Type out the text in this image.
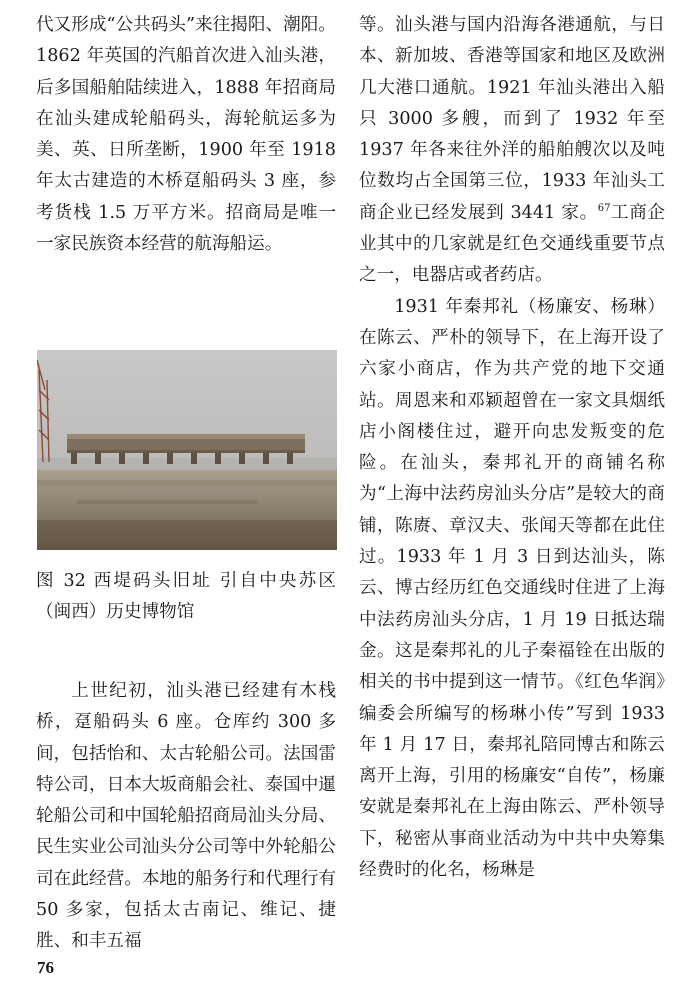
代又形成“公共码头”来往揭阳、潮阳。1862 年英国的汽船首次进入汕头港，后多国船舶陆续进入，1888 年招商局在汕头建成轮船码头，海轮航运多为美、英、日所垄断，1900 年至 1918 年太古建造的木桥趸船码头 3 座，参考货栈 1.5 万平方米。招商局是唯一一家民族资本经营的航海船运。

图 32 西堤码头旧址 引自中央苏区（闽西）历史博物馆

上世纪初，汕头港已经建有木栈桥，趸船码头 6 座。仓库约 300 多间，包括怡和、太古轮船公司。法国雷特公司，日本大坂商船会社、泰国中暹轮船公司和中国轮船招商局汕头分局、民生实业公司汕头分公司等中外轮船公司在此经营。本地的船务行和代理行有 50 多家，包括太古南记、维记、捷胜、和丰五福

等。汕头港与国内沿海各港通航，与日本、新加坡、香港等国家和地区及欧洲几大港口通航。1921 年汕头港出入船只 3000 多艘，而到了 1932 年至 1937 年各来往外洋的船舶艘次以及吨位数均占全国第三位，1933 年汕头工商企业已经发展到 3441 家。$^{67}$工商企业其中的几家就是红色交通线重要节点之一，电器店或者药店。

1931 年秦邦礼（杨廉安、杨琳）在陈云、严朴的领导下，在上海开设了六家小商店，作为共产党的地下交通站。周恩来和邓颖超曾在一家文具烟纸店小阁楼住过，避开向忠发叛变的危险。在汕头，秦邦礼开的商铺名称为“上海中法药房汕头分店”是较大的商铺，陈赓、章汉夫、张闻天等都在此住过。1933 年 1 月 3 日到达汕头，陈云、博古经历红色交通线时住进了上海中法药房汕头分店，1 月 19 日抵达瑞金。这是秦邦礼的儿子秦福铨在出版的相关的书中提到这一情节。《红色华润》编委会所编写的杨琳小传”写到 1933 年 1 月 17 日，秦邦礼陪同博古和陈云离开上海，引用的杨廉安“自传”，杨廉安就是秦邦礼在上海由陈云、严朴领导下，秘密从事商业活动为中共中央筹集经费时的化名，杨琳是

76
